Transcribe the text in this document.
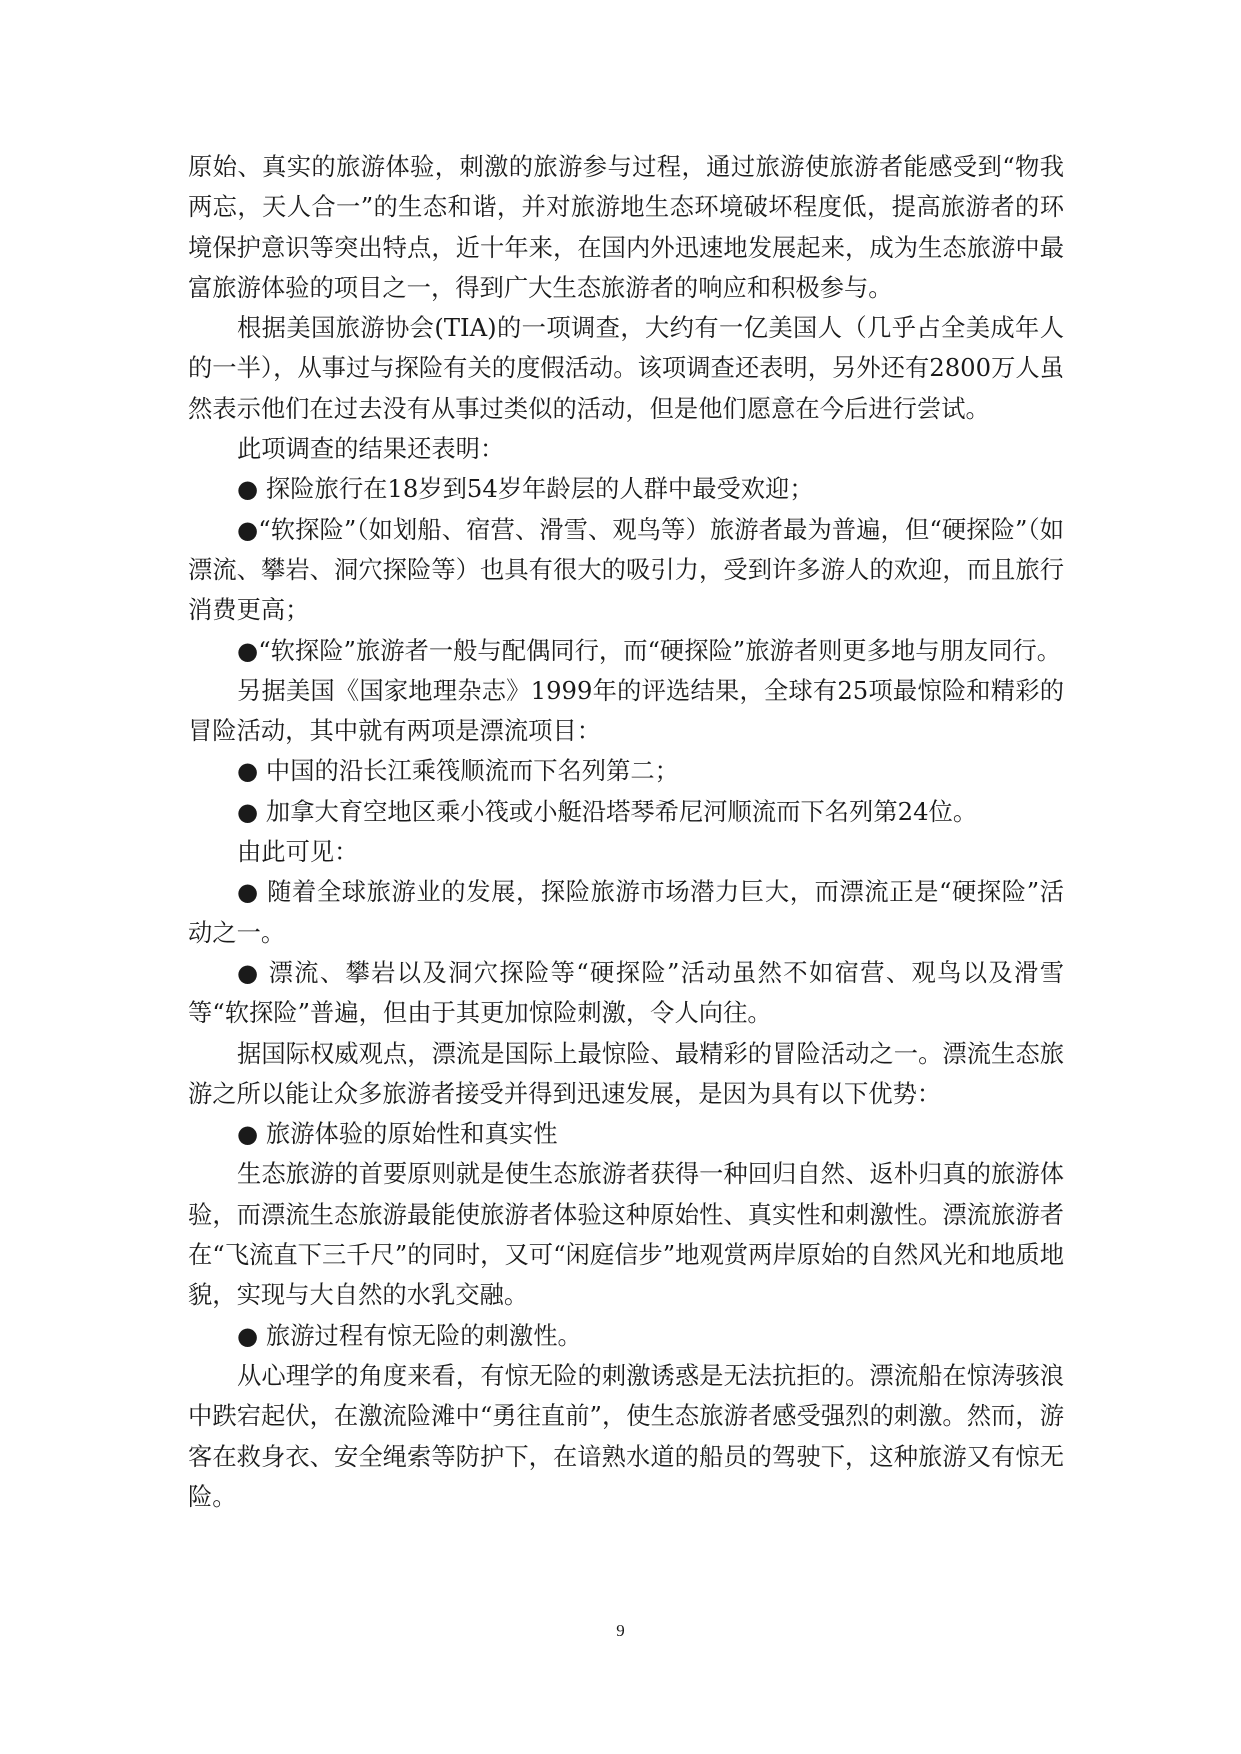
原始、真实的旅游体验，刺激的旅游参与过程，通过旅游使旅游者能感受到“物我两忘，天人合一”的生态和谐，并对旅游地生态环境破坏程度低，提高旅游者的环境保护意识等突出特点，近十年来，在国内外迅速地发展起来，成为生态旅游中最富旅游体验的项目之一，得到广大生态旅游者的响应和积极参与。

根据美国旅游协会(TIA)的一项调查，大约有一亿美国人（几乎占全美成年人的一半），从事过与探险有关的度假活动。该项调查还表明，另外还有2800万人虽然表示他们在过去没有从事过类似的活动，但是他们愿意在今后进行尝试。

此项调查的结果还表明：

● 探险旅行在18岁到54岁年龄层的人群中最受欢迎；

●“软探险”（如划船、宿营、滑雪、观鸟等）旅游者最为普遍，但“硬探险”（如漂流、攀岩、洞穴探险等）也具有很大的吸引力，受到许多游人的欢迎，而且旅行消费更高；

●“软探险”旅游者一般与配偶同行，而“硬探险”旅游者则更多地与朋友同行。

另据美国《国家地理杂志》1999年的评选结果，全球有25项最惊险和精彩的冒险活动，其中就有两项是漂流项目：

● 中国的沿长江乘筏顺流而下名列第二；

● 加拿大育空地区乘小筏或小艇沿塔琴希尼河顺流而下名列第24位。

由此可见：

● 随着全球旅游业的发展，探险旅游市场潜力巨大，而漂流正是“硬探险”活动之一。

● 漂流、攀岩以及洞穴探险等“硬探险”活动虽然不如宿营、观鸟以及滑雪等“软探险”普遍，但由于其更加惊险刺激，令人向往。

据国际权威观点，漂流是国际上最惊险、最精彩的冒险活动之一。漂流生态旅游之所以能让众多旅游者接受并得到迅速发展，是因为具有以下优势：

● 旅游体验的原始性和真实性

生态旅游的首要原则就是使生态旅游者获得一种回归自然、返朴归真的旅游体验，而漂流生态旅游最能使旅游者体验这种原始性、真实性和刺激性。漂流旅游者在“飞流直下三千尺”的同时，又可“闲庭信步”地观赏两岸原始的自然风光和地质地貌，实现与大自然的水乳交融。

● 旅游过程有惊无险的刺激性。

从心理学的角度来看，有惊无险的刺激诱惑是无法抗拒的。漂流船在惊涛骇浪中跌宕起伏，在激流险滩中“勇往直前”，使生态旅游者感受强烈的刺激。然而，游客在救身衣、安全绳索等防护下，在谙熟水道的船员的驾驶下，这种旅游又有惊无险。

9
